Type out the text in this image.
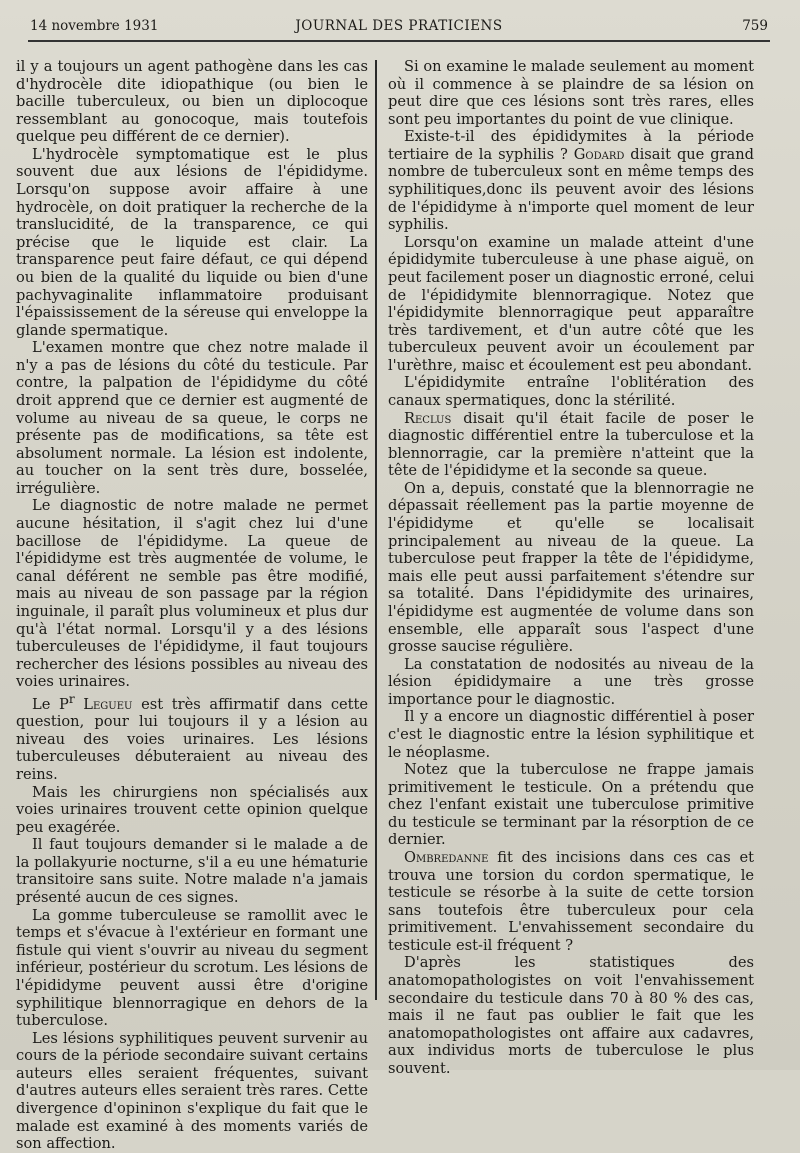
14 novembre 1931	JOURNAL DES PRATICIENS	759

il y a toujours un agent pathogène dans les cas d'hydrocèle dite idiopathique (ou bien le bacille tuberculeux, ou bien un diplocoque ressemblant au gonocoque, mais toutefois quelque peu différent de ce dernier).

L'hydrocèle symptomatique est le plus souvent due aux lésions de l'épididyme. Lorsqu'on suppose avoir affaire à une hydrocèle, on doit pratiquer la recherche de la translucidité, de la transparence, ce qui précise que le liquide est clair. La transparence peut faire défaut, ce qui dépend ou bien de la qualité du liquide ou bien d'une pachyvaginalite inflammatoire produisant l'épaississement de la séreuse qui enveloppe la glande spermatique.

L'examen montre que chez notre malade il n'y a pas de lésions du côté du testicule. Par contre, la palpation de l'épididyme du côté droit apprend que ce dernier est augmenté de volume au niveau de sa queue, le corps ne présente pas de modifications, sa tête est absolument normale. La lésion est indolente, au toucher on la sent très dure, bosselée, irrégulière.

Le diagnostic de notre malade ne permet aucune hésitation, il s'agit chez lui d'une bacillose de l'épididyme. La queue de l'épididyme est très augmentée de volume, le canal déférent ne semble pas être modifié, mais au niveau de son passage par la région inguinale, il paraît plus volumineux et plus dur qu'à l'état normal. Lorsqu'il y a des lésions tuberculeuses de l'épididyme, il faut toujours rechercher des lésions possibles au niveau des voies urinaires.

Le $P^r$ Legueu est très affirmatif dans cette question, pour lui toujours il y a lésion au niveau des voies urinaires. Les lésions tuberculeuses débuteraient au niveau des reins.

Mais les chirurgiens non spécialisés aux voies urinaires trouvent cette opinion quelque peu exagérée.

Il faut toujours demander si le malade a de la pollakyurie nocturne, s'il a eu une hématurie transitoire sans suite. Notre malade n'a jamais présenté aucun de ces signes.

La gomme tuberculeuse se ramollit avec le temps et s'évacue à l'extérieur en formant une fistule qui vient s'ouvrir au niveau du segment inférieur, postérieur du scrotum. Les lésions de l'épididyme peuvent aussi être d'origine syphilitique blennorragique en dehors de la tuberculose.

Les lésions syphilitiques peuvent survenir au cours de la période secondaire suivant certains auteurs elles seraient fréquentes, suivant d'autres auteurs elles seraient très rares. Cette divergence d'opininon s'explique du fait que le malade est examiné à des moments variés de son affection.

Si on examine le malade seulement au moment où il commence à se plaindre de sa lésion on peut dire que ces lésions sont très rares, elles sont peu importantes du point de vue clinique.

Existe-t-il des épididymites à la période tertiaire de la syphilis ? Godard disait que grand nombre de tuberculeux sont en même temps des syphilitiques,donc ils peuvent avoir des lésions de l'épididyme à n'importe quel moment de leur syphilis.

Lorsqu'on examine un malade atteint d'une épididymite tuberculeuse à une phase aiguë, on peut facilement poser un diagnostic erroné, celui de l'épididymite blennorragique. Notez que l'épididymite blennorragique peut apparaître très tardivement, et d'un autre côté que les tuberculeux peuvent avoir un écoulement par l'urèthre, maisc et écoulement est peu abondant.

L'épididymite entraîne l'oblitération des canaux spermatiques, donc la stérilité.

Reclus disait qu'il était facile de poser le diagnostic différentiel entre la tuberculose et la blennorragie, car la première n'atteint que la tête de l'épididyme et la seconde sa queue.

On a, depuis, constaté que la blennorragie ne dépassait réellement pas la partie moyenne de l'épididyme et qu'elle se localisait principalement au niveau de la queue. La tuberculose peut frapper la tête de l'épididyme, mais elle peut aussi parfaitement s'étendre sur sa totalité. Dans l'épididymite des urinaires, l'épididyme est augmentée de volume dans son ensemble, elle apparaît sous l'aspect d'une grosse saucise régulière.

La constatation de nodosités au niveau de la lésion épididymaire a une très grosse importance pour le diagnostic.

Il y a encore un diagnostic différentiel à poser c'est le diagnostic entre la lésion syphilitique et le néoplasme.

Notez que la tuberculose ne frappe jamais primitivement le testicule. On a prétendu que chez l'enfant existait une tuberculose primitive du testicule se terminant par la résorption de ce dernier.

Ombredanne fit des incisions dans ces cas et trouva une torsion du cordon spermatique, le testicule se résorbe à la suite de cette torsion sans toutefois être tuberculeux pour cela primitivement. L'envahissement secondaire du testicule est-il fréquent ?

D'après les statistiques des anatomopathologistes on voit l'envahissement secondaire du testicule dans 70 à 80 % des cas, mais il ne faut pas oublier le fait que les anatomopathologistes ont affaire aux cadavres, aux individus morts de tuberculose le plus souvent.
